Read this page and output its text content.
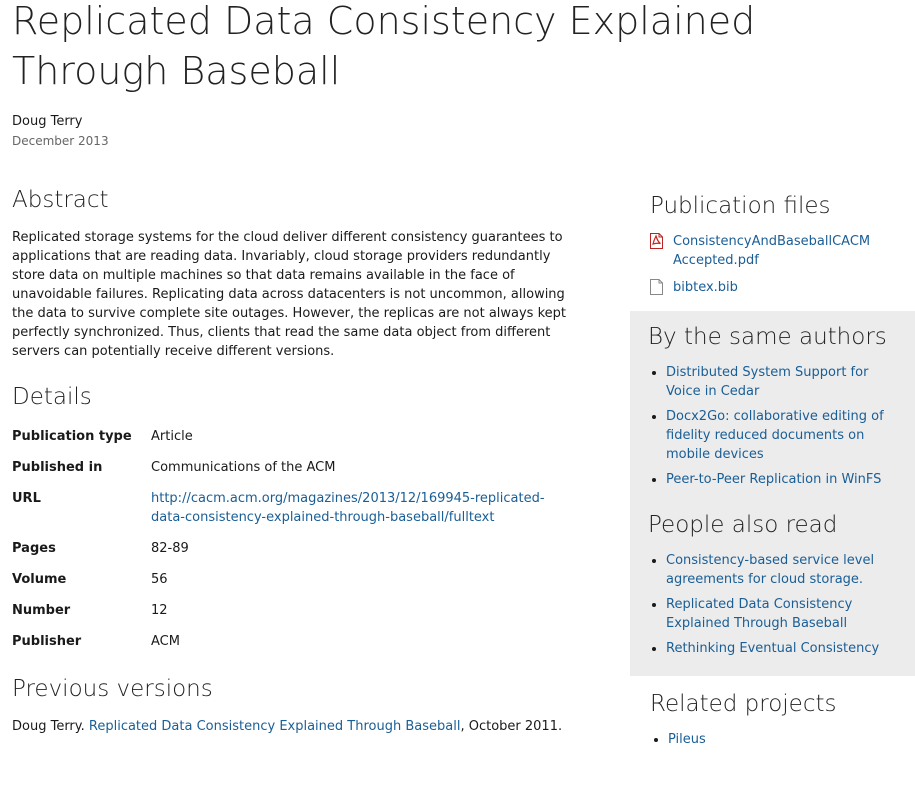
Replicated Data Consistency Explained Through Baseball
Doug Terry
December 2013
Abstract

Replicated storage systems for the cloud deliver different consistency guarantees to applications that are reading data. Invariably, cloud storage providers redundantly store data on multiple machines so that data remains available in the face of unavoidable failures. Replicating data across datacenters is not uncommon, allowing the data to survive complete site outages. However, the replicas are not always kept perfectly synchronized. Thus, clients that read the same data object from different servers can potentially receive different versions.

Details
Publication type	Article
Published in	Communications of the ACM
URL	http://cacm.acm.org/magazines/2013/12/169945-replicated-data-consistency-explained-through-baseball/fulltext
Pages	82-89
Volume	56
Number	12
Publisher	ACM
Previous versions
Doug Terry. Replicated Data Consistency Explained Through Baseball, October 2011.
Publication files
ConsistencyAndBaseballCACM Accepted.pdf
bibtex.bib
By the same authors
• Distributed System Support for Voice in Cedar
• Docx2Go: collaborative editing of fidelity reduced documents on mobile devices
• Peer-to-Peer Replication in WinFS
People also read
• Consistency-based service level agreements for cloud storage.
• Replicated Data Consistency Explained Through Baseball
• Rethinking Eventual Consistency
Related projects
• Pileus
